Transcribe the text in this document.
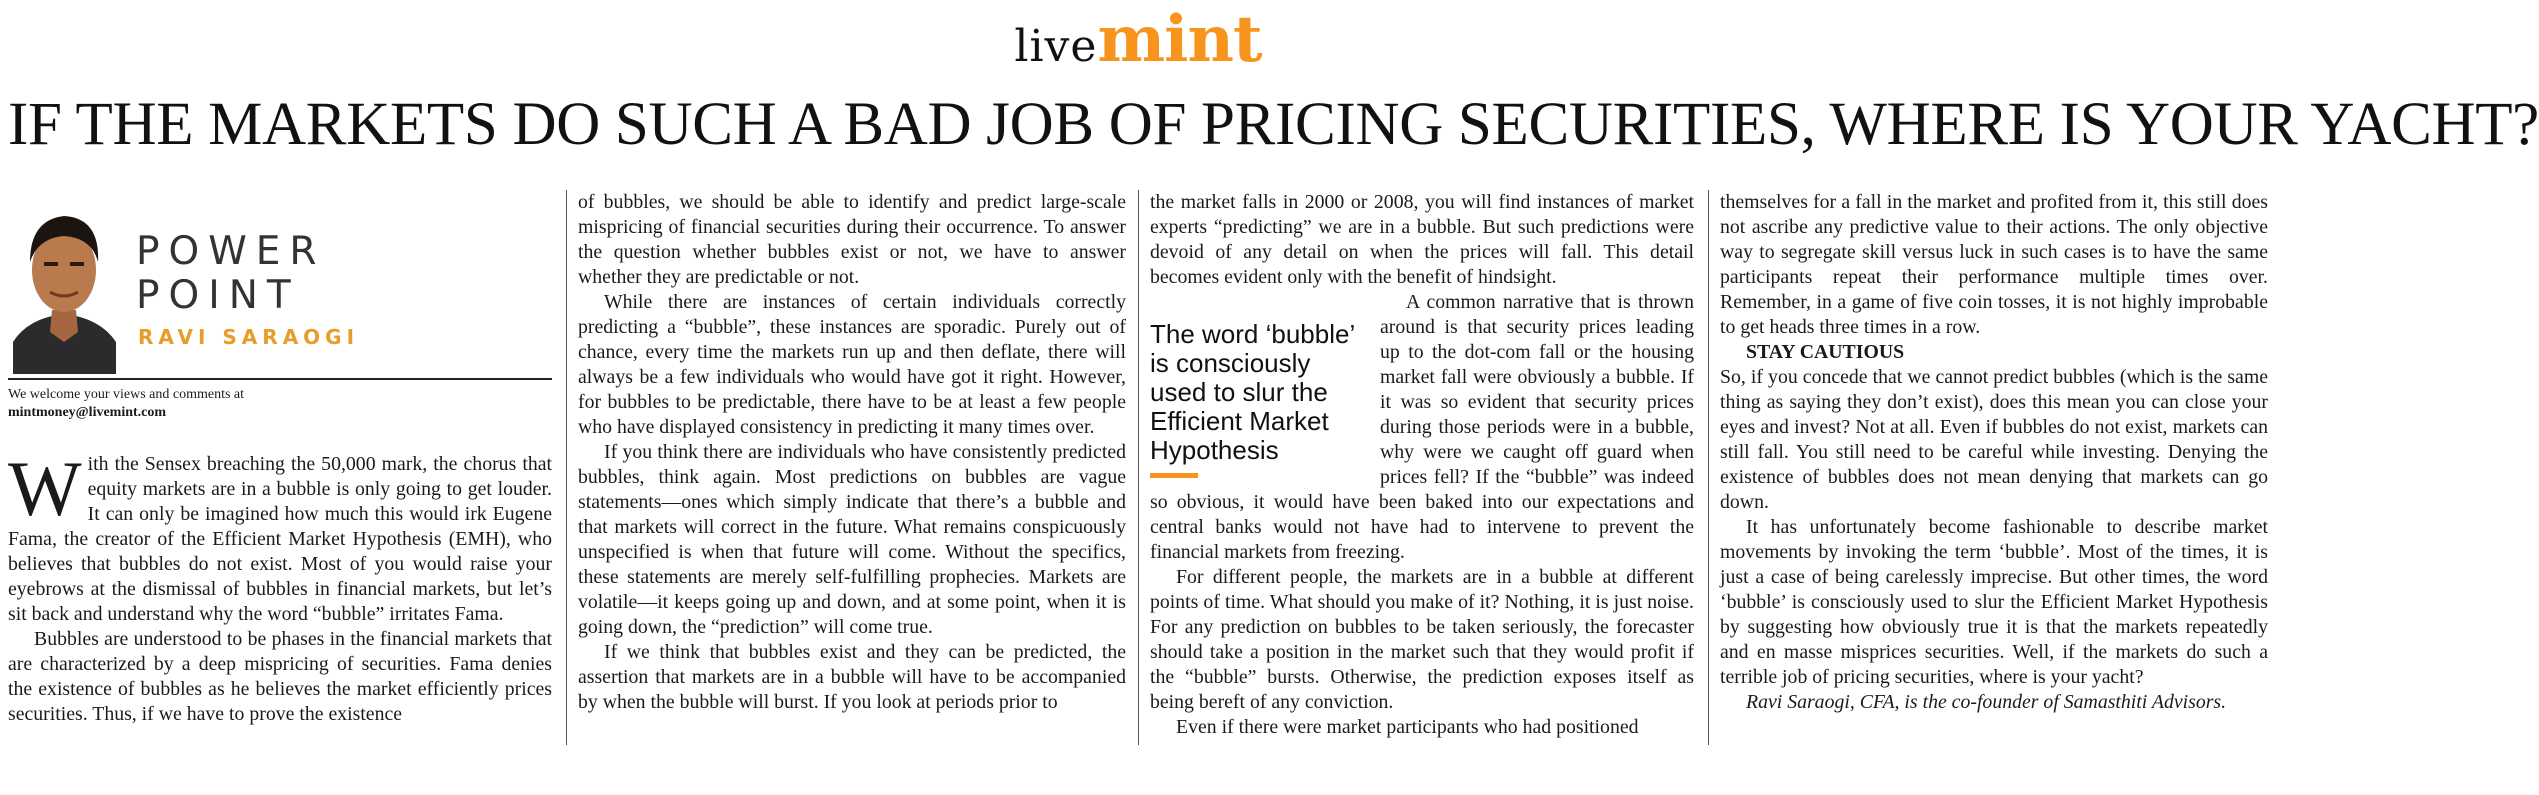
livemint
IF THE MARKETS DO SUCH A BAD JOB OF PRICING SECURITIES, WHERE IS YOUR YACHT?
POWER
POINT
RAVI SARAOGI
We welcome your views and comments at
mintmoney@livemint.com

With the Sensex breaching the 50,000 mark, the chorus that equity markets are in a bubble is only going to get louder. It can only be imagined how much this would irk Eugene Fama, the creator of the Efficient Market Hypothesis (EMH), who believes that bubbles do not exist. Most of you would raise your eyebrows at the dismissal of bubbles in financial markets, but let’s sit back and understand why the word “bubble” irritates Fama.

Bubbles are understood to be phases in the financial markets that are characterized by a deep mispricing of securities. Fama denies the existence of bubbles as he believes the market efficiently prices securities. Thus, if we have to prove the existence

of bubbles, we should be able to identify and predict large-scale mispricing of financial securities during their occurrence. To answer the question whether bubbles exist or not, we have to answer whether they are predictable or not.

While there are instances of certain individuals correctly predicting a “bubble”, these instances are sporadic. Purely out of chance, every time the markets run up and then deflate, there will always be a few individuals who would have got it right. However, for bubbles to be predictable, there have to be at least a few people who have displayed consistency in predicting it many times over.

If you think there are individuals who have consistently predicted bubbles, think again. Most predictions on bubbles are vague statements—ones which simply indicate that there’s a bubble and that markets will correct in the future. What remains conspicuously unspecified is when that future will come. Without the specifics, these statements are merely self-fulfilling prophecies. Markets are volatile—it keeps going up and down, and at some point, when it is going down, the “prediction” will come true.

If we think that bubbles exist and they can be predicted, the assertion that markets are in a bubble will have to be accompanied by when the bubble will burst. If you look at periods prior to

the market falls in 2000 or 2008, you will find instances of market experts “predicting” we are in a bubble. But such predictions were devoid of any detail on when the prices will fall. This detail becomes evident only with the benefit of hindsight.

The word ‘bubble’ is consciously used to slur the Efficient Market Hypothesis

A common narrative that is thrown around is that security prices leading up to the dot-com fall or the housing market fall were obviously a bubble. If it was so evident that security prices during those periods were in a bubble, why were we caught off guard when prices fell? If the “bubble” was indeed so obvious, it would have been baked into our expectations and central banks would not have had to intervene to prevent the financial markets from freezing.

For different people, the markets are in a bubble at different points of time. What should you make of it? Nothing, it is just noise. For any prediction on bubbles to be taken seriously, the forecaster should take a position in the market such that they would profit if the “bubble” bursts. Otherwise, the prediction exposes itself as being bereft of any conviction.

Even if there were market participants who had positioned

themselves for a fall in the market and profited from it, this still does not ascribe any predictive value to their actions. The only objective way to segregate skill versus luck in such cases is to have the same participants repeat their performance multiple times over. Remember, in a game of five coin tosses, it is not highly improbable to get heads three times in a row.

STAY CAUTIOUS

So, if you concede that we cannot predict bubbles (which is the same thing as saying they don’t exist), does this mean you can close your eyes and invest? Not at all. Even if bubbles do not exist, markets can still fall. You still need to be careful while investing. Denying the existence of bubbles does not mean denying that markets can go down.

It has unfortunately become fashionable to describe market movements by invoking the term ‘bubble’. Most of the times, it is just a case of being carelessly imprecise. But other times, the word ‘bubble’ is consciously used to slur the Efficient Market Hypothesis by suggesting how obviously true it is that the markets repeatedly and en masse misprices securities. Well, if the markets do such a terrible job of pricing securities, where is your yacht?

Ravi Saraogi, CFA, is the co-founder of Samasthiti Advisors.
